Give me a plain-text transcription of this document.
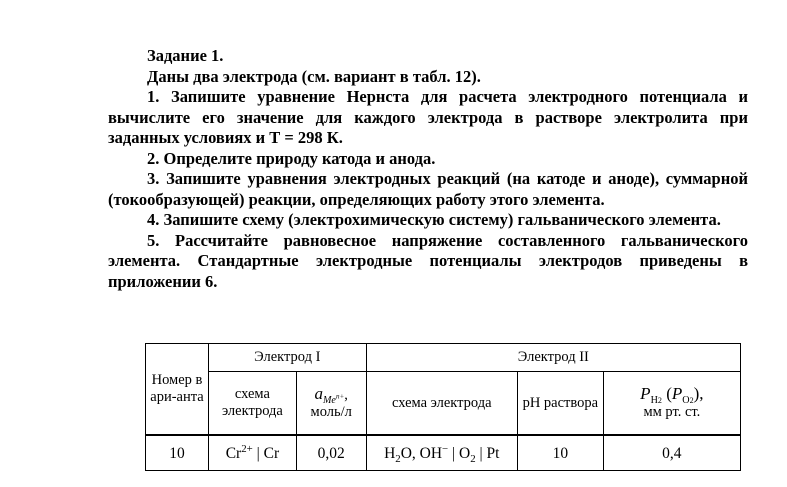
Задание 1.

Даны два электрода (см. вариант в табл. 12).

1. Запишите уравнение Нернста для расчета электродного потенциала и вычислите его значение для каждого электрода в растворе электролита при заданных условиях и Т = 298 К.

2. Определите природу катода и анода.

3. Запишите уравнения электродных реакций (на катоде и аноде), суммарной (токообразующей) реакции, определяющих работу этого элемента.

4. Запишите схему (электрохимическую систему) гальванического элемента.

5. Рассчитайте равновесное напряжение составленного гальванического элемента. Стандартные электродные потенциалы электродов приведены в приложении 6.

Номер вари-анта	Электрод I		Электрод II		
	схема электрода	$a_{Me^{n+}}$, моль/л	схема электрода	pH раствора	$P_{H2}$ $(P_{O2})$,
мм рт. ст.
10	$Cr^{2+}$ | Cr	0,02	$H_2O$, OH− | $O_2$ | Pt	10	0,4
